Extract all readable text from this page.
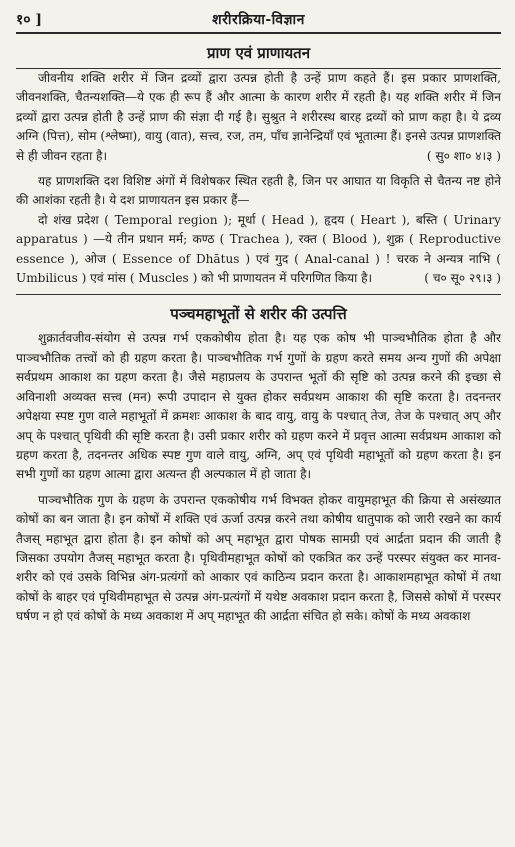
१० ]	शरीरक्रिया-विज्ञान
प्राण एवं प्राणायतन

जीवनीय शक्ति शरीर में जिन द्रव्यों द्वारा उत्पन्न होती है उन्हें प्राण कहते हैं। इस प्रकार प्राणशक्ति, जीवनशक्ति, चैतन्यशक्ति—ये एक ही रूप हैं और आत्मा के कारण शरीर में रहती है। यह शक्ति शरीर में जिन द्रव्यों द्वारा उत्पन्न होती है उन्हें प्राण की संज्ञा दी गई है। सुश्रुत ने शरीरस्थ बारह द्रव्यों को प्राण कहा है। ये द्रव्य अग्नि (पित्त), सोम (श्लेष्मा), वायु (वात), सत्त्व, रज, तम, पाँच ज्ञानेन्द्रियाँ एवं भूतात्मा हैं। इनसे उत्पन्न प्राणशक्ति से ही जीवन रहता है।	( सु० शा० ४।३ )

यह प्राणशक्ति दश विशिष्ट अंगों में विशेषकर स्थित रहती है, जिन पर आघात या विकृति से चैतन्य नष्ट होने की आशंका रहती है। ये दश प्राणायतन इस प्रकार हैं—

दो शंख प्रदेश ( Temporal region ); मूर्धा ( Head ), हृदय ( Heart ), बस्ति ( Urinary apparatus ) —ये तीन प्रधान मर्म; कण्ठ ( Trachea ), रक्त ( Blood ), शुक्र ( Reproductive essence ), ओज ( Essence of Dhātus ) एवं गुद ( Anal-canal ) ! चरक ने अन्यत्र नाभि ( Umbilicus ) एवं मांस ( Muscles ) को भी प्राणायतन में परिगणित किया है।	( च० सू० २९।३ )

पञ्चमहाभूतों से शरीर की उत्पत्ति

शुक्रार्तवजीव-संयोग से उत्पन्न गर्भ एककोषीय होता है। यह एक कोष भी पाञ्चभौतिक होता है और पाञ्चभौतिक तत्त्वों को ही ग्रहण करता है। पाञ्चभौतिक गर्भ गुणों के ग्रहण करते समय अन्य गुणों की अपेक्षा सर्वप्रथम आकाश का ग्रहण करता है। जैसे महाप्रलय के उपरान्त भूतों की सृष्टि को उत्पन्न करने की इच्छा से अविनाशी अव्यक्त सत्त्व (मन) रूपी उपादान से युक्त होकर सर्वप्रथम आकाश की सृष्टि करता है। तदनन्तर अपेक्षया स्पष्ट गुण वाले महाभूतों में क्रमशः आकाश के बाद वायु, वायु के पश्चात् तेज, तेज के पश्चात् अप् और अप् के पश्चात् पृथिवी की सृष्टि करता है। उसी प्रकार शरीर को ग्रहण करने में प्रवृत्त आत्मा सर्वप्रथम आकाश को ग्रहण करता है, तदनन्तर अधिक स्पष्ट गुण वाले वायु, अग्नि, अप् एवं पृथिवी महाभूतों को ग्रहण करता है। इन सभी गुणों का ग्रहण आत्मा द्वारा अत्यन्त ही अल्पकाल में हो जाता है।

पाञ्चभौतिक गुण के ग्रहण के उपरान्त एककोषीय गर्भ विभक्त होकर वायुमहाभूत की क्रिया से असंख्यात कोषों का बन जाता है। इन कोषों में शक्ति एवं ऊर्जा उत्पन्न करने तथा कोषीय धातुपाक को जारी रखने का कार्य तैजस् महाभूत द्वारा होता है। इन कोषों को अप् महाभूत द्वारा पोषक सामग्री एवं आर्द्रता प्रदान की जाती है जिसका उपयोग तैजस् महाभूत करता है। पृथिवीमहाभूत कोषों को एकत्रित कर उन्हें परस्पर संयुक्त कर मानव-शरीर को एवं उसके विभिन्न अंग-प्रत्यंगों को आकार एवं काठिन्य प्रदान करता है। आकाशमहाभूत कोषों में तथा कोषों के बाहर एवं पृथिवीमहाभूत से उत्पन्न अंग-प्रत्यंगों में यथेष्ट अवकाश प्रदान करता है, जिससे कोषों में परस्पर घर्षण न हो एवं कोषों के मध्य अवकाश में अप् महाभूत की आर्द्रता संचित हो सके। कोषों के मध्य अवकाश
